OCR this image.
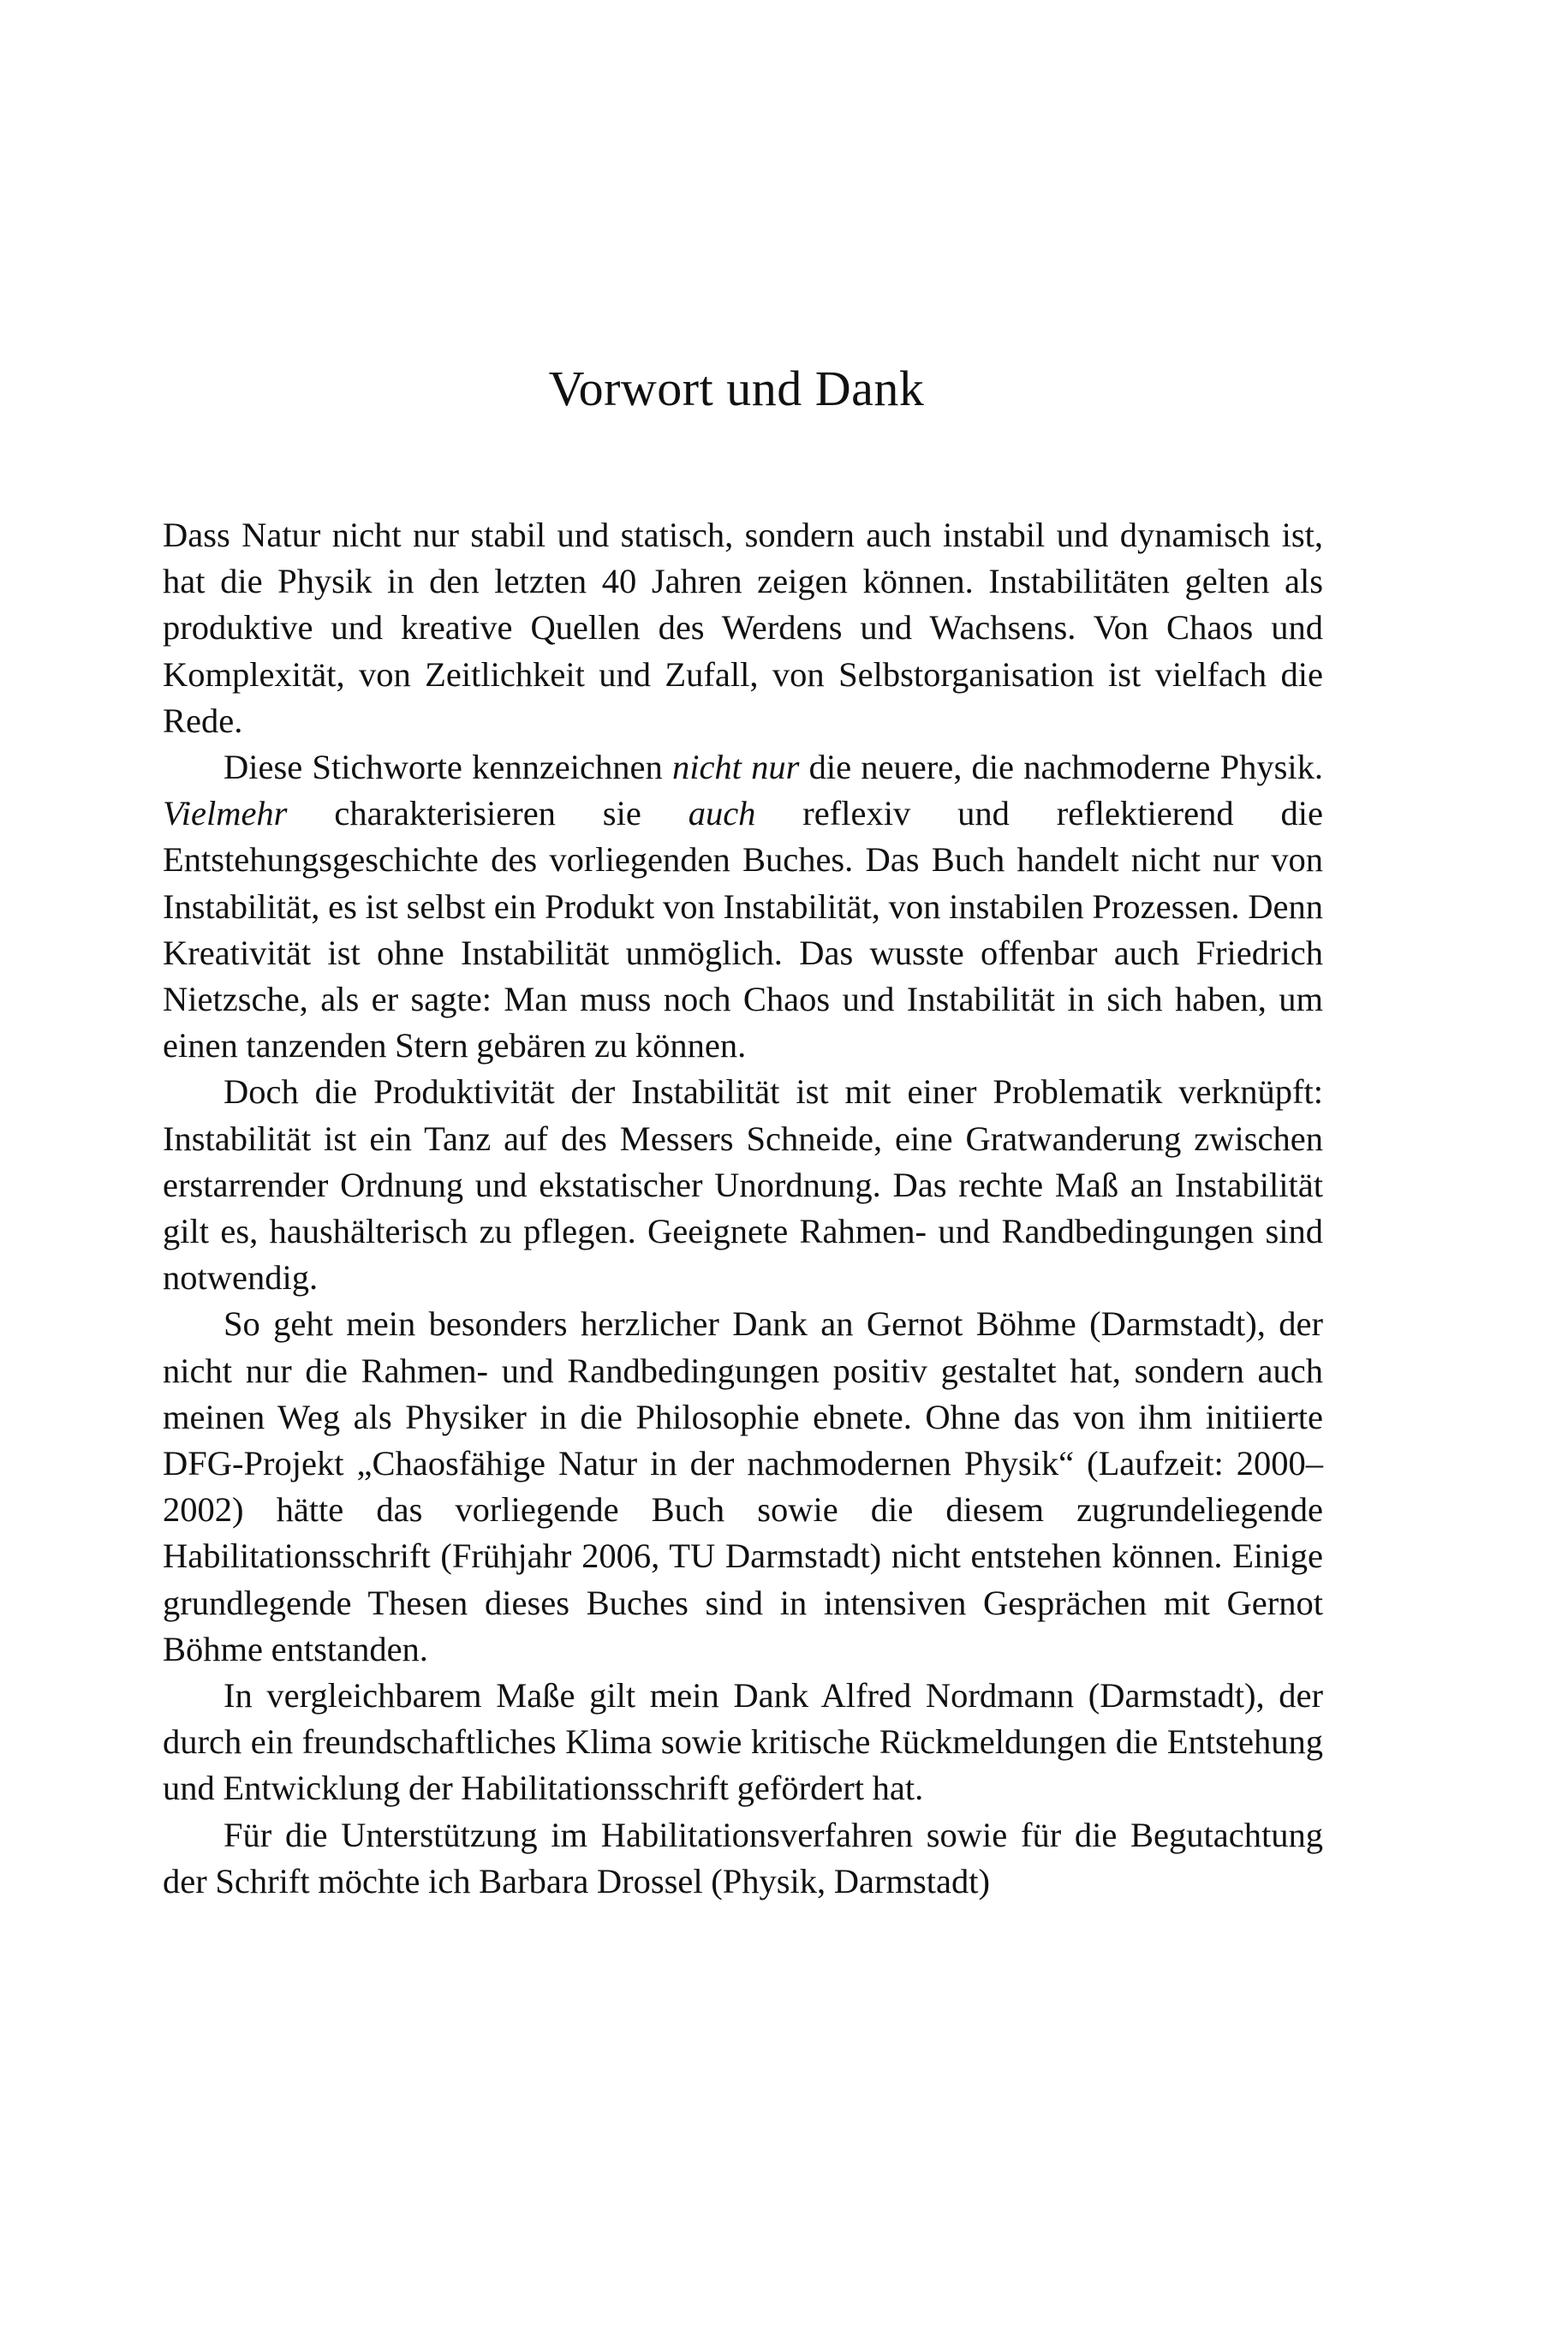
Vorwort und Dank

Dass Natur nicht nur stabil und statisch, sondern auch instabil und dynamisch ist, hat die Physik in den letzten 40 Jahren zeigen können. Instabilitäten gelten als produktive und kreative Quellen des Werdens und Wachsens. Von Chaos und Komplexität, von Zeitlichkeit und Zufall, von Selbstorganisation ist vielfach die Rede.

Diese Stichworte kennzeichnen nicht nur die neuere, die nachmoderne Physik. Vielmehr charakterisieren sie auch reflexiv und reflektierend die Entstehungsgeschichte des vorliegenden Buches. Das Buch handelt nicht nur von Instabilität, es ist selbst ein Produkt von Instabilität, von instabilen Prozessen. Denn Kreativität ist ohne Instabilität unmöglich. Das wusste offenbar auch Friedrich Nietzsche, als er sagte: Man muss noch Chaos und Instabilität in sich haben, um einen tanzenden Stern gebären zu können.

Doch die Produktivität der Instabilität ist mit einer Problematik verknüpft: Instabilität ist ein Tanz auf des Messers Schneide, eine Gratwanderung zwischen erstarrender Ordnung und ekstatischer Unordnung. Das rechte Maß an Instabilität gilt es, haushälterisch zu pflegen. Geeignete Rahmen- und Randbedingungen sind notwendig.

So geht mein besonders herzlicher Dank an Gernot Böhme (Darmstadt), der nicht nur die Rahmen- und Randbedingungen positiv gestaltet hat, sondern auch meinen Weg als Physiker in die Philosophie ebnete. Ohne das von ihm initiierte DFG-Projekt „Chaosfähige Natur in der nachmodernen Physik“ (Laufzeit: 2000–2002) hätte das vorliegende Buch sowie die diesem zugrundeliegende Habilitationsschrift (Frühjahr 2006, TU Darmstadt) nicht entstehen können. Einige grundlegende Thesen dieses Buches sind in intensiven Gesprächen mit Gernot Böhme entstanden.

In vergleichbarem Maße gilt mein Dank Alfred Nordmann (Darmstadt), der durch ein freundschaftliches Klima sowie kritische Rückmeldungen die Entstehung und Entwicklung der Habilitationsschrift gefördert hat.

Für die Unterstützung im Habilitationsverfahren sowie für die Begutachtung der Schrift möchte ich Barbara Drossel (Physik, Darmstadt)
